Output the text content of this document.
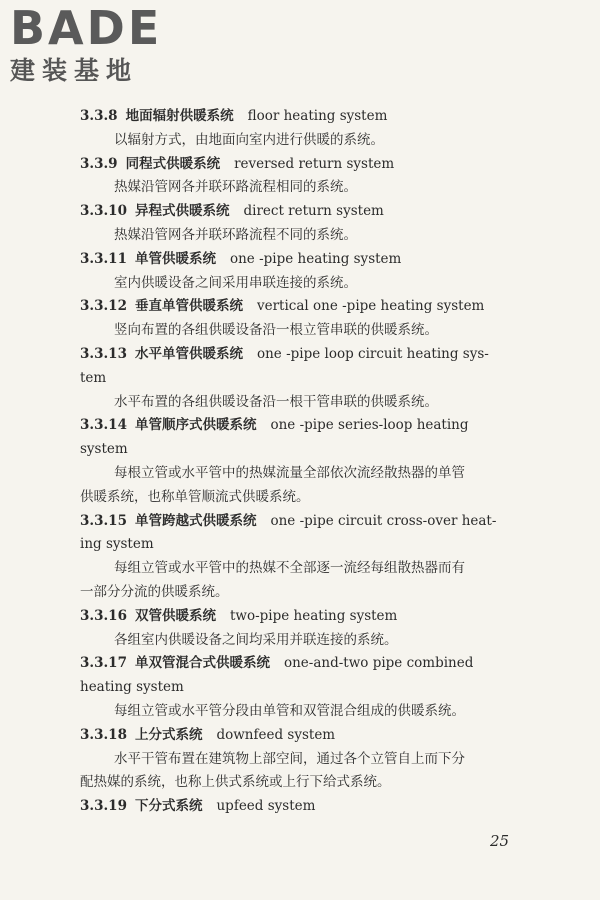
BADE
建装基地
3.3.8 地面辐射供暖系统 floor heating system
以辐射方式，由地面向室内进行供暖的系统。
3.3.9 同程式供暖系统 reversed return system
热媒沿管网各并联环路流程相同的系统。
3.3.10 异程式供暖系统 direct return system
热媒沿管网各并联环路流程不同的系统。
3.3.11 单管供暖系统 one -pipe heating system
室内供暖设备之间采用串联连接的系统。
3.3.12 垂直单管供暖系统 vertical one -pipe heating system
竖向布置的各组供暖设备沿一根立管串联的供暖系统。
3.3.13 水平单管供暖系统 one -pipe loop circuit heating sys-
tem
水平布置的各组供暖设备沿一根干管串联的供暖系统。
3.3.14 单管顺序式供暖系统 one -pipe series-loop heating
system
每根立管或水平管中的热媒流量全部依次流经散热器的单管
供暖系统，也称单管顺流式供暖系统。
3.3.15 单管跨越式供暖系统 one -pipe circuit cross-over heat-
ing system
每组立管或水平管中的热媒不全部逐一流经每组散热器而有
一部分分流的供暖系统。
3.3.16 双管供暖系统 two-pipe heating system
各组室内供暖设备之间均采用并联连接的系统。
3.3.17 单双管混合式供暖系统 one-and-two pipe combined
heating system
每组立管或水平管分段由单管和双管混合组成的供暖系统。
3.3.18 上分式系统 downfeed system
水平干管布置在建筑物上部空间，通过各个立管自上而下分
配热媒的系统，也称上供式系统或上行下给式系统。
3.3.19 下分式系统 upfeed system
25
